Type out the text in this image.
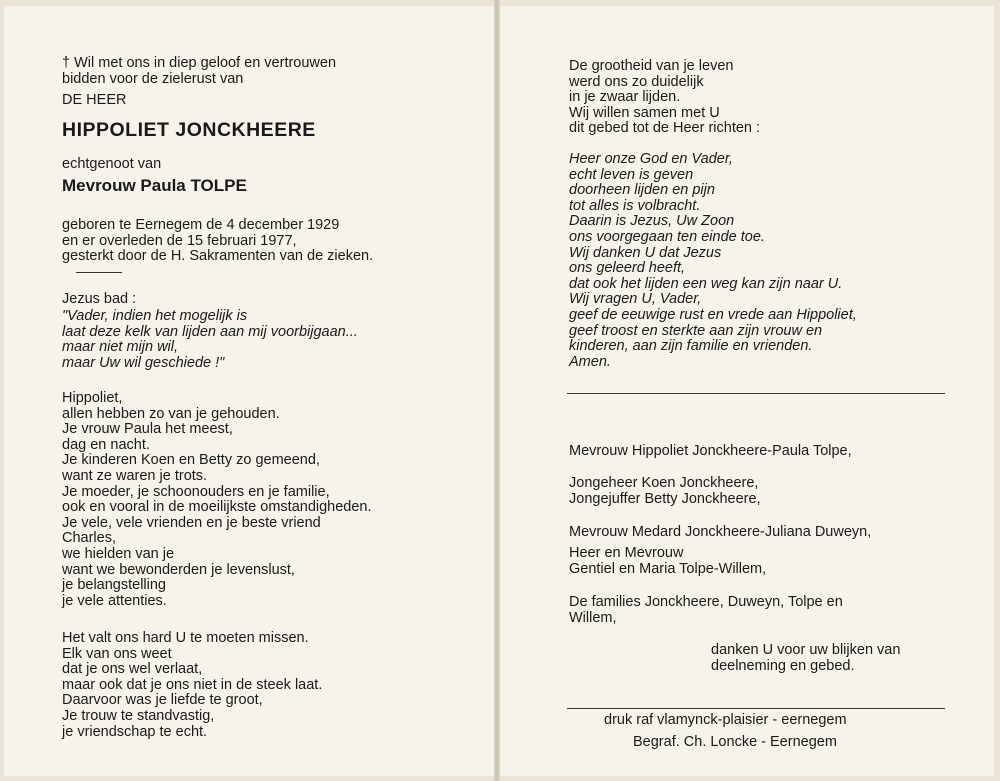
† Wil met ons in diep geloof en vertrouwen
bidden voor de zielerust van
DE HEER
HIPPOLIET JONCKHEERE
echtgenoot van
Mevrouw Paula TOLPE
geboren te Eernegem de 4 december 1929
en er overleden de 15 februari 1977,
gesterkt door de H. Sakramenten van de zieken.
Jezus bad :
"Vader, indien het mogelijk is
laat deze kelk van lijden aan mij voorbijgaan...
maar niet mijn wil,
maar Uw wil geschiede !"
Hippoliet,
allen hebben zo van je gehouden.
Je vrouw Paula het meest,
dag en nacht.
Je kinderen Koen en Betty zo gemeend,
want ze waren je trots.
Je moeder, je schoonouders en je familie,
ook en vooral in de moeilijkste omstandigheden.
Je vele, vele vrienden en je beste vriend
Charles,
we hielden van je
want we bewonderden je levenslust,
je belangstelling
je vele attenties.
Het valt ons hard U te moeten missen.
Elk van ons weet
dat je ons wel verlaat,
maar ook dat je ons niet in de steek laat.
Daarvoor was je liefde te groot,
Je trouw te standvastig,
je vriendschap te echt.
De grootheid van je leven
werd ons zo duidelijk
in je zwaar lijden.
Wij willen samen met U
dit gebed tot de Heer richten :
Heer onze God en Vader,
echt leven is geven
doorheen lijden en pijn
tot alles is volbracht.
Daarin is Jezus, Uw Zoon
ons voorgegaan ten einde toe.
Wij danken U dat Jezus
ons geleerd heeft,
dat ook het lijden een weg kan zijn naar U.
Wij vragen U, Vader,
geef de eeuwige rust en vrede aan Hippoliet,
geef troost en sterkte aan zijn vrouw en
kinderen, aan zijn familie en vrienden.
Amen.
Mevrouw Hippoliet Jonckheere-Paula Tolpe,
Jongeheer Koen Jonckheere,
Jongejuffer Betty Jonckheere,
Mevrouw Medard Jonckheere-Juliana Duweyn,
Heer en Mevrouw
Gentiel en Maria Tolpe-Willem,
De families Jonckheere, Duweyn, Tolpe en
Willem,
danken U voor uw blijken van
deelneming en gebed.
druk raf vlamynck-plaisier - eernegem
Begraf. Ch. Loncke - Eernegem
